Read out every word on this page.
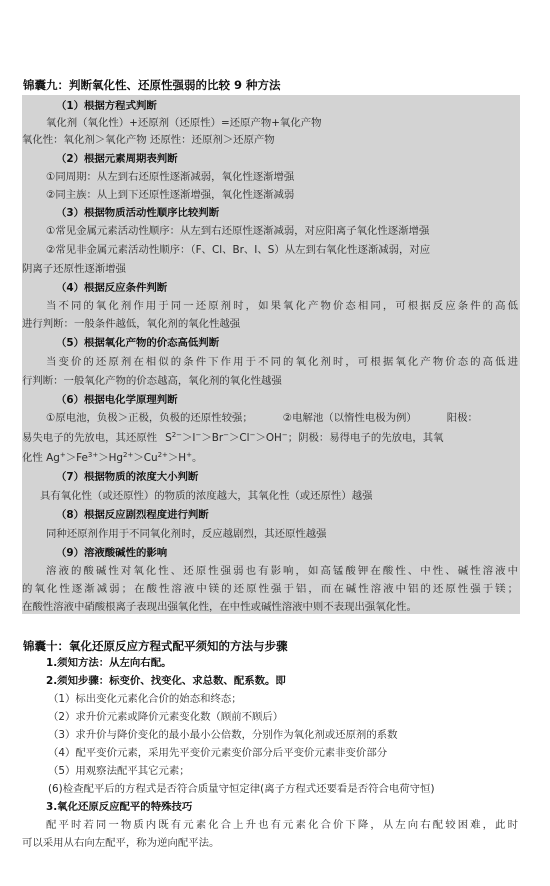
锦囊九：判断氧化性、还原性强弱的比较 9 种方法
（1）根据方程式判断
氧化剂（氧化性）+还原剂（还原性）=还原产物+氧化产物
氧化性：氧化剂＞氧化产物 还原性：还原剂＞还原产物
（2）根据元素周期表判断
①同周期：从左到右还原性逐渐减弱，氧化性逐渐增强
②同主族：从上到下还原性逐渐增强，氧化性逐渐减弱
（3）根据物质活动性顺序比较判断
①常见金属元素活动性顺序：从左到右还原性逐渐减弱，对应阳离子氧化性逐渐增强
②常见非金属元素活动性顺序：（F、Cl、Br、I、S）从左到右氧化性逐渐减弱，对应
阴离子还原性逐渐增强
（4）根据反应条件判断
当不同的氧化剂作用于同一还原剂时，如果氧化产物价态相同，可根据反应条件的高低
进行判断：一般条件越低，氧化剂的氧化性越强
（5）根据氧化产物的价态高低判断
当变价的还原剂在相似的条件下作用于不同的氧化剂时，可根据氧化产物价态的高低进
行判断：一般氧化产物的价态越高，氧化剂的氧化性越强
（6）根据电化学原理判断
①原电池，负极＞正极，负极的还原性较强；	②电解池（以惰性电极为例）	阳极：
易失电子的先放电，其还原性 $S^{2-}>I^->Br^->Cl^->OH^-$；阴极：易得电子的先放电，其氧
化性 $Ag^+>Fe^{3+}>Hg^{2+}>Cu^{2+}>H^+$。
（7）根据物质的浓度大小判断
具有氧化性（或还原性）的物质的浓度越大，其氧化性（或还原性）越强
（8）根据反应剧烈程度进行判断
同种还原剂作用于不同氧化剂时，反应越剧烈，其还原性越强
（9）溶液酸碱性的影响
溶液的酸碱性对氧化性、还原性强弱也有影响，如高锰酸钾在酸性、中性、碱性溶液中
的氧化性逐渐减弱；在酸性溶液中镁的还原性强于铝，而在碱性溶液中铝的还原性强于镁；
在酸性溶液中硝酸根离子表现出强氧化性，在中性或碱性溶液中则不表现出强氧化性。
锦囊十：氧化还原反应方程式配平须知的方法与步骤
1.须知方法：从左向右配。
2.须知步骤：标变价、找变化、求总数、配系数。即
（1）标出变化元素化合价的始态和终态；
（2）求升价元素或降价元素变化数（顾前不顾后）
（3）求升价与降价变化的最小最小公倍数，分别作为氧化剂或还原剂的系数
（4）配平变价元素，采用先平变价元素变价部分后平变价元素非变价部分
（5）用观察法配平其它元素；
(6)检查配平后的方程式是否符合质量守恒定律(离子方程式还要看是否符合电荷守恒)
3.氧化还原反应配平的特殊技巧
配平时若同一物质内既有元素化合上升也有元素化合价下降，从左向右配较困难，此时
可以采用从右向左配平，称为逆向配平法。
